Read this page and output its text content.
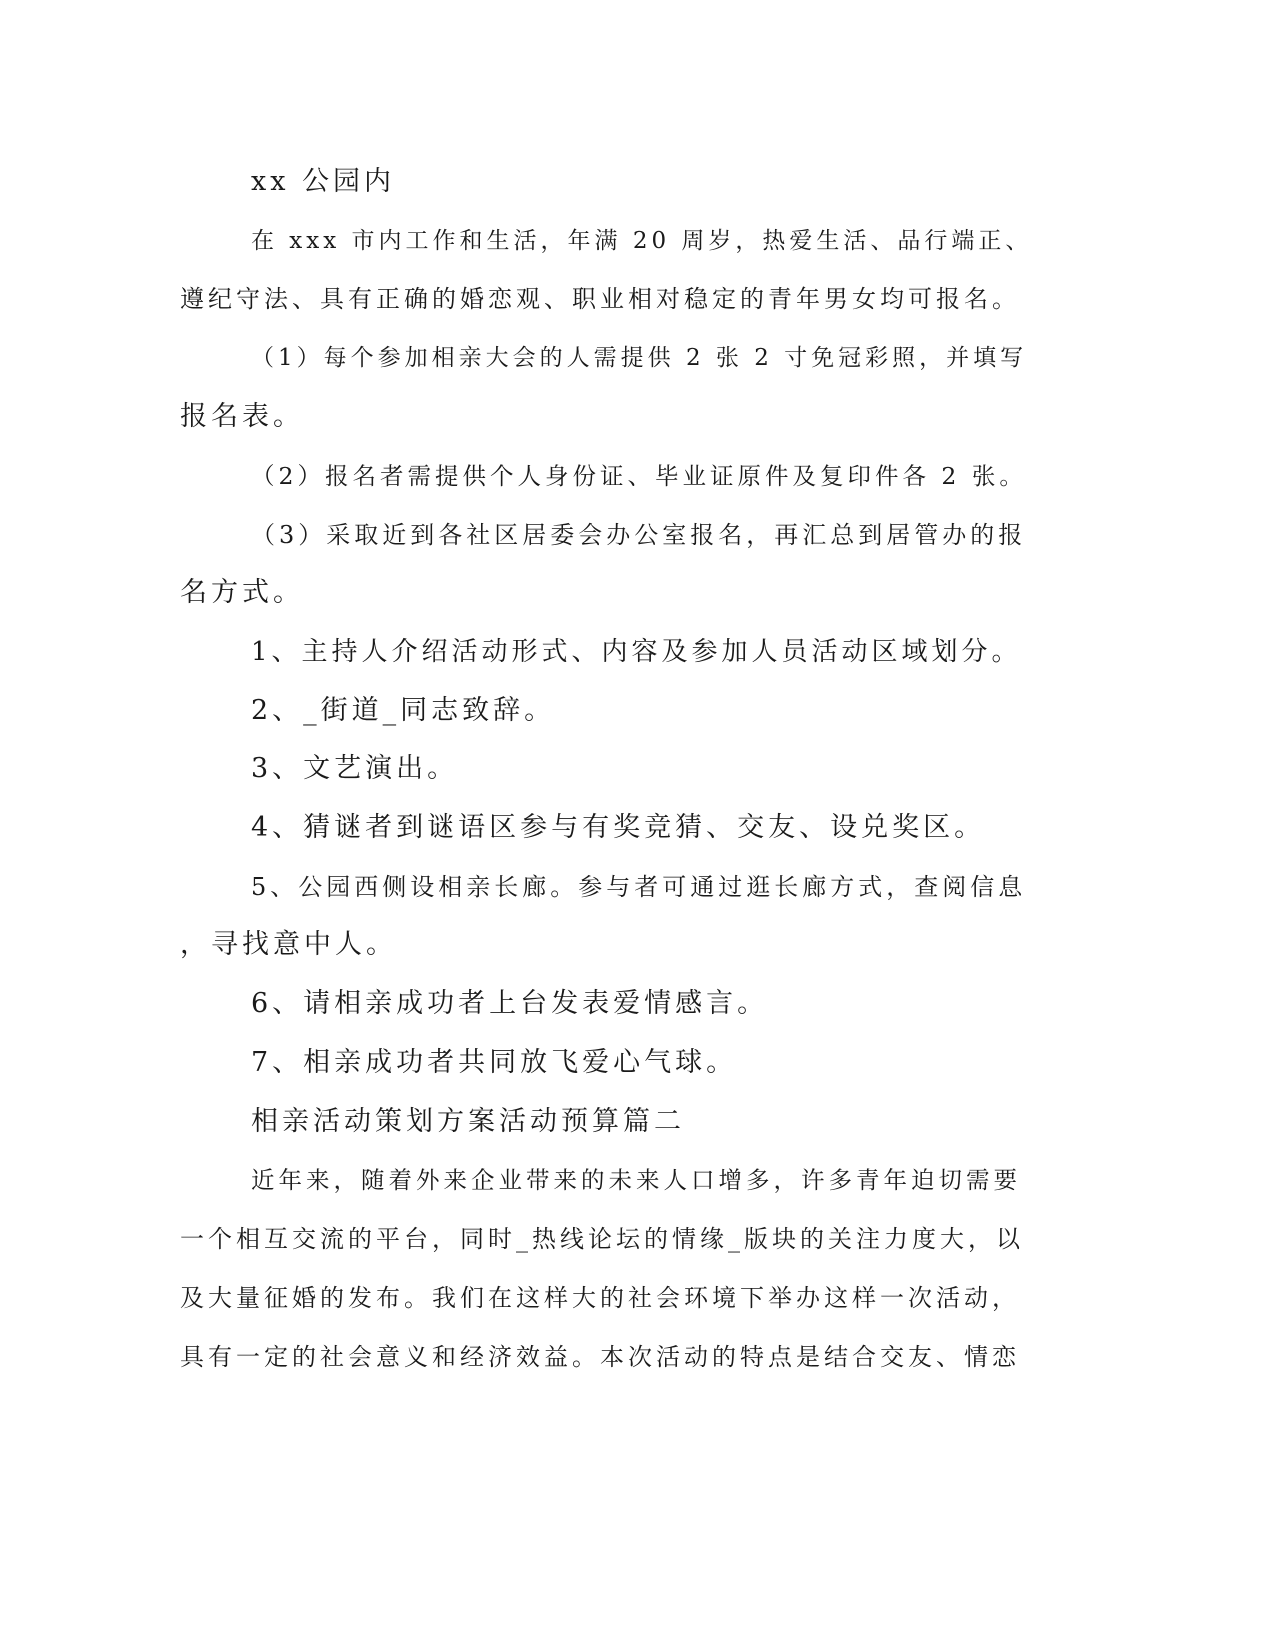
xx 公园内
在 xxx 市内工作和生活，年满 20 周岁，热爱生活、品行端正、
遵纪守法、具有正确的婚恋观、职业相对稳定的青年男女均可报名。
（1）每个参加相亲大会的人需提供 2 张 2 寸免冠彩照，并填写
报名表。
（2）报名者需提供个人身份证、毕业证原件及复印件各 2 张。
（3）采取近到各社区居委会办公室报名，再汇总到居管办的报
名方式。
1、主持人介绍活动形式、内容及参加人员活动区域划分。
2、_街道_同志致辞。
3、文艺演出。
4、猜谜者到谜语区参与有奖竞猜、交友、设兑奖区。
5、公园西侧设相亲长廊。参与者可通过逛长廊方式，查阅信息
，寻找意中人。
6、请相亲成功者上台发表爱情感言。
7、相亲成功者共同放飞爱心气球。
相亲活动策划方案活动预算篇二
近年来，随着外来企业带来的未来人口增多，许多青年迫切需要
一个相互交流的平台，同时_热线论坛的情缘_版块的关注力度大，以
及大量征婚的发布。我们在这样大的社会环境下举办这样一次活动，
具有一定的社会意义和经济效益。本次活动的特点是结合交友、情恋
